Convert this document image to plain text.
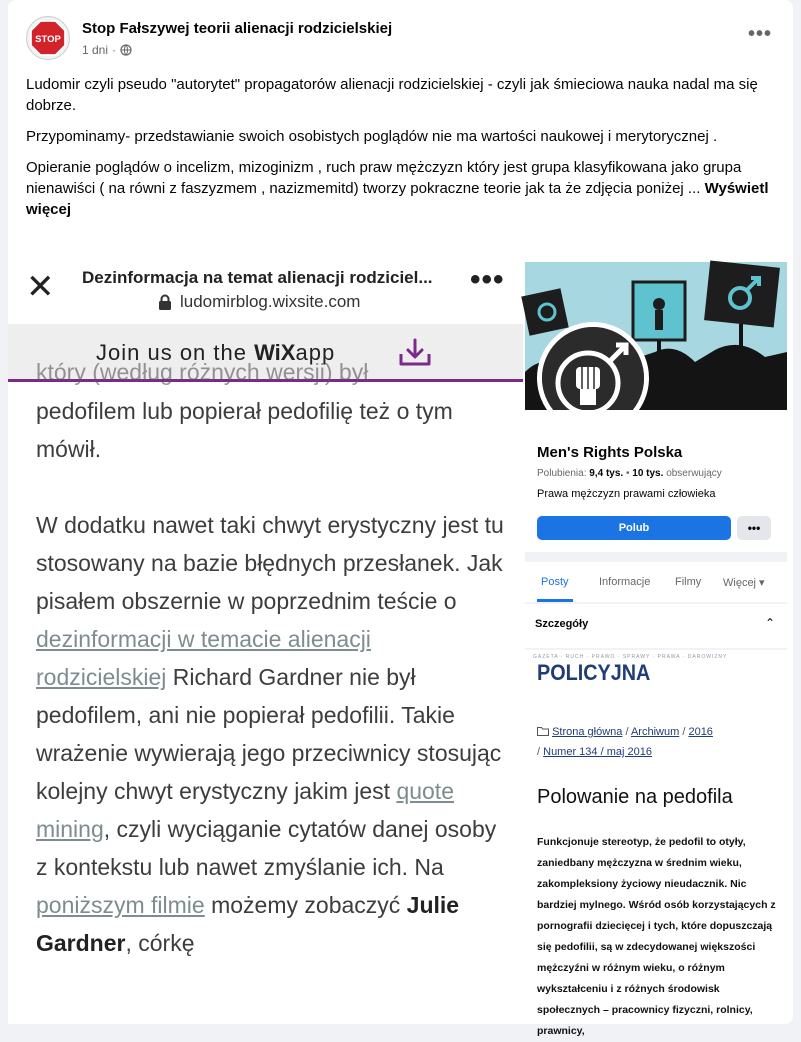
STOP
Stop Fałszywej teorii alienacji rodzicielskiej
1 dni ·
•••

Ludomir czyli pseudo "autorytet" propagatorów alienacji rodzicielskiej - czyli jak śmieciowa nauka nadal ma się dobrze.

Przypominamy- przedstawianie swoich osobistych poglądów nie ma wartości naukowej i merytorycznej .

Opieranie poglądów o incelizm, mizoginizm , ruch praw mężczyzn który jest grupa klasyfikowana jako grupa nienawiści ( na równi z faszyzmem , nazizmemitd) tworzy pokraczne teorie jak ta że zdjęcia poniżej ... Wyświetl więcej

✕ Dezinformacja na temat alienacji rodziciel...
ludomirblog.wixsite.com
•••
Join us on the WiXapp
który (według różnych wersji) był
pedofilem lub popierał pedofilię też o tym mówił.
W dodatku nawet taki chwyt erystyczny jest tu stosowany na bazie błędnych przesłanek. Jak pisałem obszernie w poprzednim teście o dezinformacji w temacie alienacji rodzicielskiej Richard Gardner nie był pedofilem, ani nie popierał pedofilii. Takie wrażenie wywierają jego przeciwnicy stosując kolejny chwyt erystyczny jakim jest quote mining, czyli wyciąganie cytatów danej osoby z kontekstu lub nawet zmyślanie ich. Na poniższym filmie możemy zobaczyć Julie Gardner, córkę
Men's Rights Polska
Polubienia: 9,4 tys. • 10 tys. obserwujący
Prawa mężczyzn prawami człowieka
Polub	•••
Posty	Informacje Filmy Więcej ▾
Szczegóły	⌃
GAZETA · RUCH · PRAWO · SPRAWY · PRAWA · DAROWIZNY
POLICYJNA
Strona główna / Archiwum / 2016
/ Numer 134 / maj 2016
Polowanie na pedofila
Funkcjonuje stereotyp, że pedofil to otyły, zaniedbany mężczyzna w średnim wieku, zakompleksiony życiowy nieudacznik. Nic bardziej mylnego. Wśród osób korzystających z pornografii dziecięcej i tych, które dopuszczają się pedofilii, są w zdecydowanej większości mężczyźni w różnym wieku, o różnym wykształceniu i z różnych środowisk społecznych – pracownicy fizyczni, rolnicy, prawnicy,
